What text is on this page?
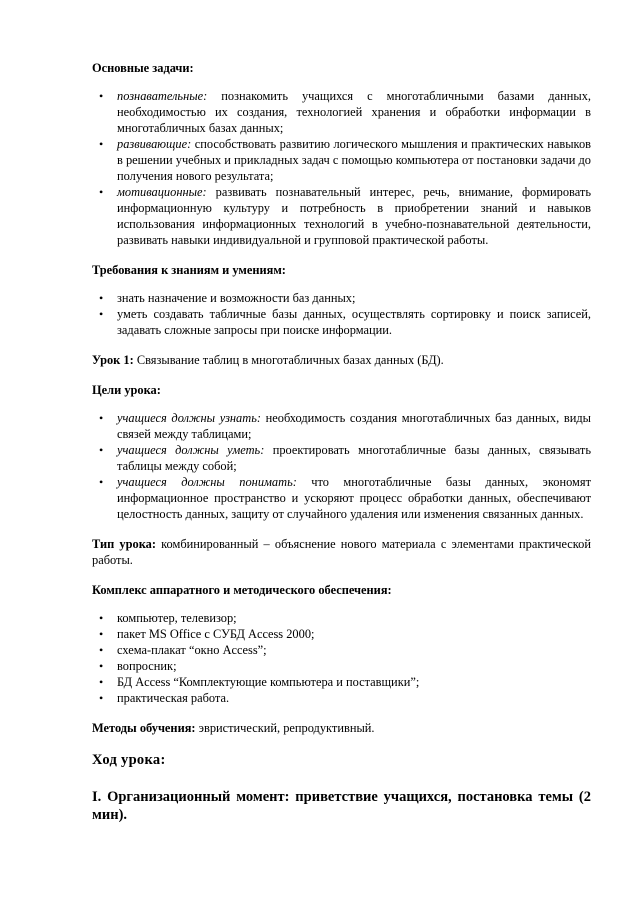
Основные задачи:

• познавательные: познакомить учащихся с многотабличными базами данных, необходимостью их создания, технологией хранения и обработки информации в многотабличных базах данных;
• развивающие: способствовать развитию логического мышления и практических навыков в решении учебных и прикладных задач с помощью компьютера от постановки задачи до получения нового результата;
• мотивационные: развивать познавательный интерес, речь, внимание, формировать информационную культуру и потребность в приобретении знаний и навыков использования информационных технологий в учебно-познавательной деятельности, развивать навыки индивидуальной и групповой практической работы.

Требования к знаниям и умениям:

• знать назначение и возможности баз данных;
• уметь создавать табличные базы данных, осуществлять сортировку и поиск записей, задавать сложные запросы при поиске информации.

Урок 1: Связывание таблиц в многотабличных базах данных (БД).

Цели урока:

• учащиеся должны узнать: необходимость создания многотабличных баз данных, виды связей между таблицами;
• учащиеся должны уметь: проектировать многотабличные базы данных, связывать таблицы между собой;
• учащиеся должны понимать: что многотабличные базы данных, экономят информационное пространство и ускоряют процесс обработки данных, обеспечивают целостность данных, защиту от случайного удаления или изменения связанных данных.

Тип урока: комбинированный – объяснение нового материала с элементами практической работы.

Комплекс аппаратного и методического обеспечения:

• компьютер, телевизор;
• пакет MS Office с СУБД Access 2000;
• схема-плакат “окно Access”;
• вопросник;
• БД Access “Комплектующие компьютера и поставщики”;
• практическая работа.

Методы обучения: эвристический, репродуктивный.

Ход урока:

I. Организационный момент: приветствие учащихся, постановка темы (2 мин).
